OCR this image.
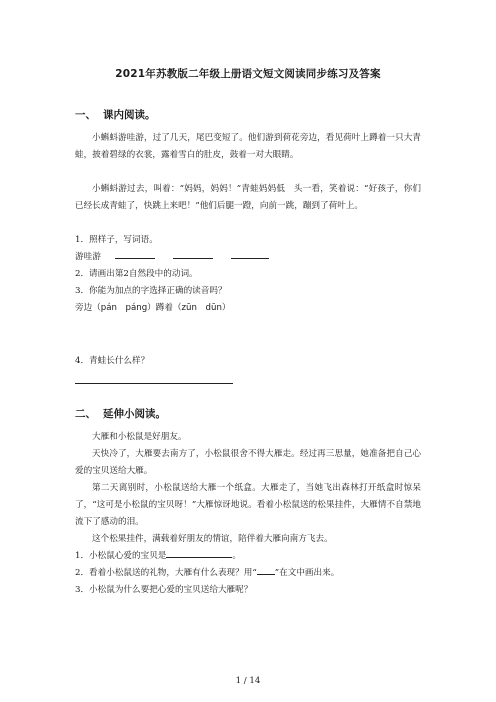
2021年苏教版二年级上册语文短文阅读同步练习及答案
一、 课内阅读。
小蝌蚪游哇游，过了几天，尾巴变短了。他们游到荷花旁边，看见荷叶上蹲着一只大青蛙，披着碧绿的衣裳，露着雪白的肚皮，鼓着一对大眼睛。
小蝌蚪游过去，叫着：“妈妈，妈妈！”青蛙妈妈低　头一看，笑着说：“好孩子，你们已经长成青蛙了，快跳上来吧！”他们后腿一蹬，向前一跳，蹦到了荷叶上。
1．照样子，写词语。
游哇游
2．请画出第2自然段中的动词。
3．你能为加点的字选择正确的读音吗？
旁边（pán　páng）蹲着（zūn　dūn）
4．青蛙长什么样？
二、 延伸小阅读。
大雁和小松鼠是好朋友。
天快冷了，大雁要去南方了，小松鼠很舍不得大雁走。经过再三思量，她准备把自己心爱的宝贝送给大雁。
第二天离别时，小松鼠送给大雁一个纸盒。大雁走了，当她飞出森林打开纸盒时惊呆了，“这可是小松鼠的宝贝呀！”大雁惊讶地说。看着小松鼠送的松果挂件，大雁情不自禁地流下了感动的泪。
这个松果挂件，满载着好朋友的情谊，陪伴着大雁向南方飞去。
1．小松鼠心爱的宝贝是	。
2．看着小松鼠送的礼物，大雁有什么表现？用“ ”在文中画出来。
3．小松鼠为什么要把心爱的宝贝送给大雁呢？
1 / 14
